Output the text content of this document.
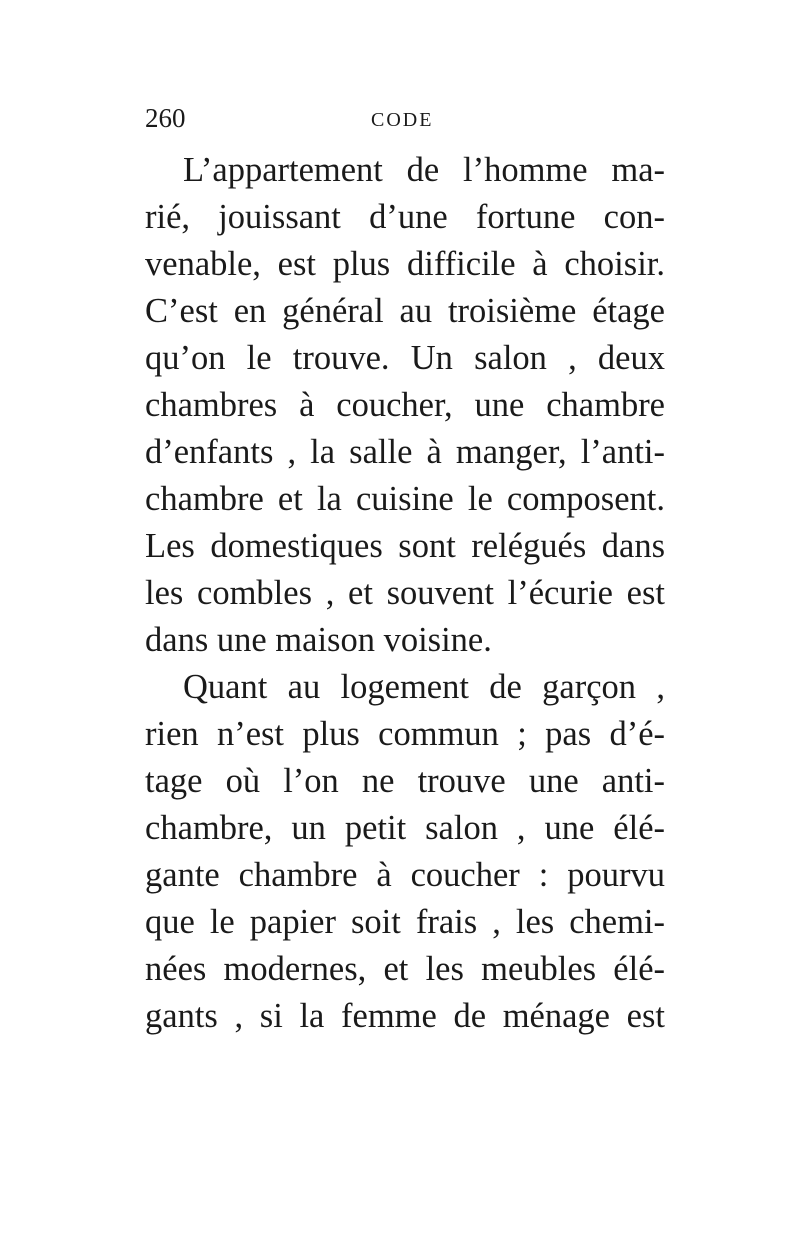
260	CODE
L’appartement de l’homme ma-
rié, jouissant d’une fortune con-
venable, est plus difficile à choisir.
C’est en général au troisième étage
qu’on le trouve. Un salon , deux
chambres à coucher, une chambre
d’enfants , la salle à manger, l’anti-
chambre et la cuisine le composent.
Les domestiques sont relégués dans
les combles , et souvent l’écurie est
dans une maison voisine.
Quant au logement de garçon ,
rien n’est plus commun ; pas d’é-
tage où l’on ne trouve une anti-
chambre, un petit salon , une élé-
gante chambre à coucher : pourvu
que le papier soit frais , les chemi-
nées modernes, et les meubles élé-
gants , si la femme de ménage est
